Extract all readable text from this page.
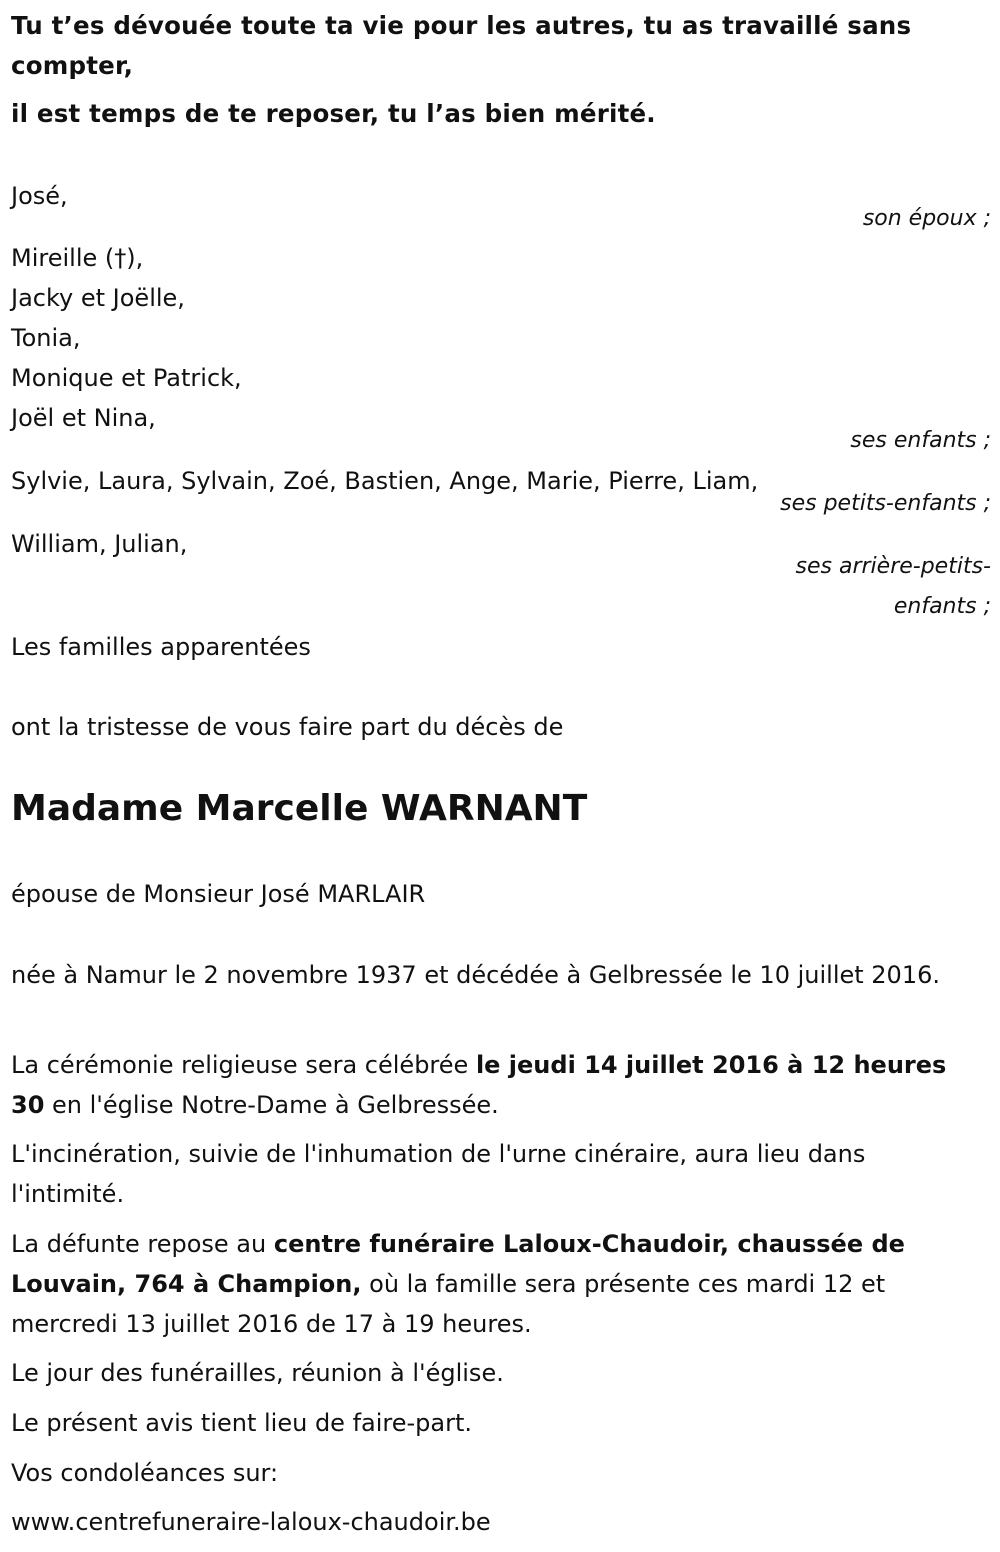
Tu t’es dévouée toute ta vie pour les autres, tu as travaillé sans compter,
il est temps de te reposer, tu l’as bien mérité.
José,
son époux ;
Mireille (†),
Jacky et Joëlle,
Tonia,
Monique et Patrick,
Joël et Nina,
ses enfants ;
Sylvie, Laura, Sylvain, Zoé, Bastien, Ange, Marie, Pierre, Liam,
ses petits-enfants ;
William, Julian,
ses arrière-petits-
enfants ;
Les familles apparentées
ont la tristesse de vous faire part du décès de
Madame Marcelle WARNANT
épouse de Monsieur José MARLAIR
née à Namur le 2 novembre 1937 et décédée à Gelbressée le 10 juillet 2016.
La cérémonie religieuse sera célébrée le jeudi 14 juillet 2016 à 12 heures 30 en l'église Notre-Dame à Gelbressée.
L'incinération, suivie de l'inhumation de l'urne cinéraire, aura lieu dans l'intimité.
La défunte repose au centre funéraire Laloux-Chaudoir, chaussée de Louvain, 764 à Champion, où la famille sera présente ces mardi 12 et mercredi 13 juillet 2016 de 17 à 19 heures.
Le jour des funérailles, réunion à l'église.
Le présent avis tient lieu de faire-part.
Vos condoléances sur:
www.centrefuneraire-laloux-chaudoir.be
